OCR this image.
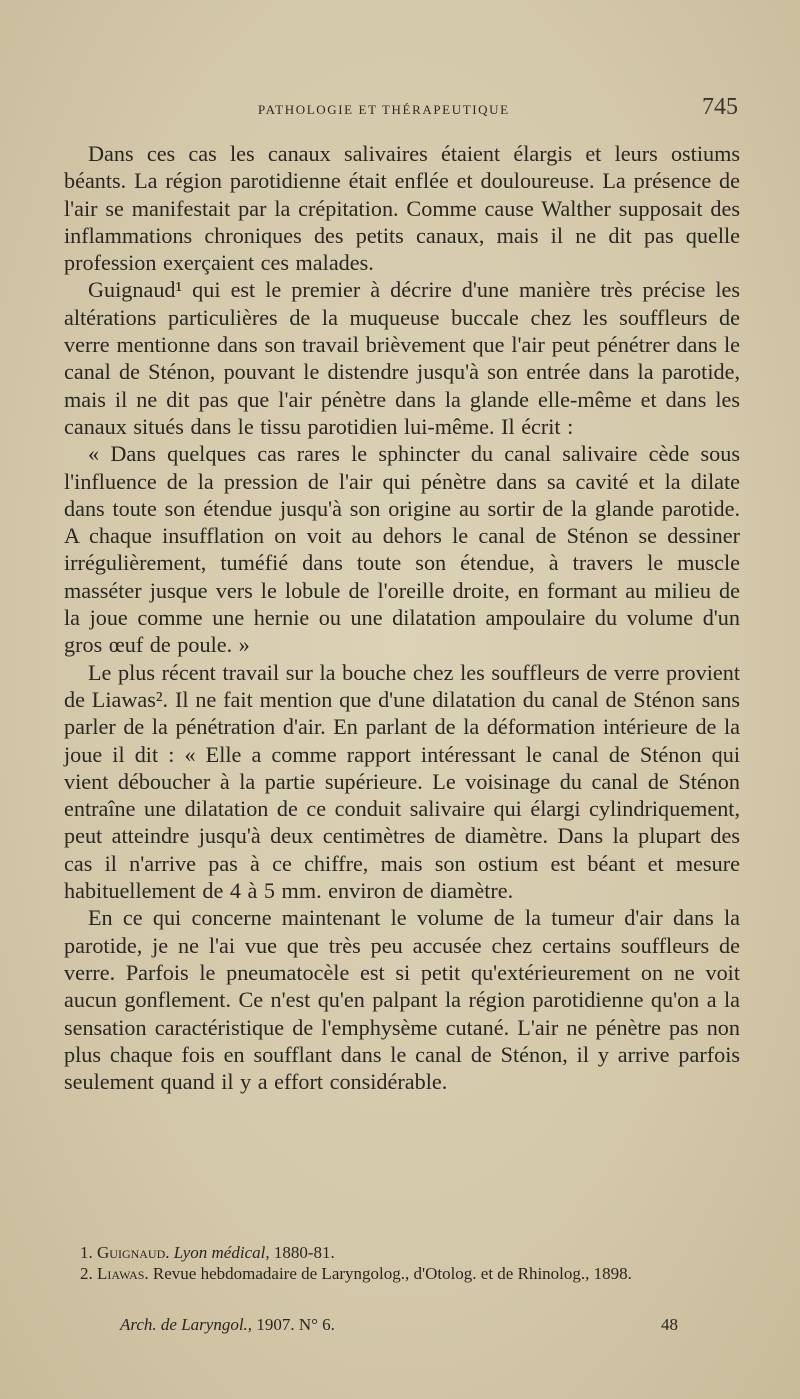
PATHOLOGIE ET THÉRAPEUTIQUE	745

Dans ces cas les canaux salivaires étaient élargis et leurs ostiums béants. La région parotidienne était enflée et douloureuse. La présence de l'air se manifestait par la crépitation. Comme cause Walther supposait des inflammations chroniques des petits canaux, mais il ne dit pas quelle profession exerçaient ces malades.

Guignaud¹ qui est le premier à décrire d'une manière très précise les altérations particulières de la muqueuse buccale chez les souffleurs de verre mentionne dans son travail brièvement que l'air peut pénétrer dans le canal de Sténon, pouvant le distendre jusqu'à son entrée dans la parotide, mais il ne dit pas que l'air pénètre dans la glande elle-même et dans les canaux situés dans le tissu parotidien lui-même. Il écrit :

« Dans quelques cas rares le sphincter du canal salivaire cède sous l'influence de la pression de l'air qui pénètre dans sa cavité et la dilate dans toute son étendue jusqu'à son origine au sortir de la glande parotide. A chaque insufflation on voit au dehors le canal de Sténon se dessiner irrégulièrement, tuméfié dans toute son étendue, à travers le muscle masséter jusque vers le lobule de l'oreille droite, en formant au milieu de la joue comme une hernie ou une dilatation ampoulaire du volume d'un gros œuf de poule. »

Le plus récent travail sur la bouche chez les souffleurs de verre provient de Liawas². Il ne fait mention que d'une dilatation du canal de Sténon sans parler de la pénétration d'air. En parlant de la déformation intérieure de la joue il dit : « Elle a comme rapport intéressant le canal de Sténon qui vient déboucher à la partie supérieure. Le voisinage du canal de Sténon entraîne une dilatation de ce conduit salivaire qui élargi cylindriquement, peut atteindre jusqu'à deux centimètres de diamètre. Dans la plupart des cas il n'arrive pas à ce chiffre, mais son ostium est béant et mesure habituellement de 4 à 5 mm. environ de diamètre.

En ce qui concerne maintenant le volume de la tumeur d'air dans la parotide, je ne l'ai vue que très peu accusée chez certains souffleurs de verre. Parfois le pneumatocèle est si petit qu'extérieurement on ne voit aucun gonflement. Ce n'est qu'en palpant la région parotidienne qu'on a la sensation caractéristique de l'emphysème cutané. L'air ne pénètre pas non plus chaque fois en soufflant dans le canal de Sténon, il y arrive parfois seulement quand il y a effort considérable.

1. Guignaud. Lyon médical, 1880-81.

2. Liawas. Revue hebdomadaire de Laryngolog., d'Otolog. et de Rhinolog., 1898.

Arch. de Laryngol., 1907. N° 6.	48
